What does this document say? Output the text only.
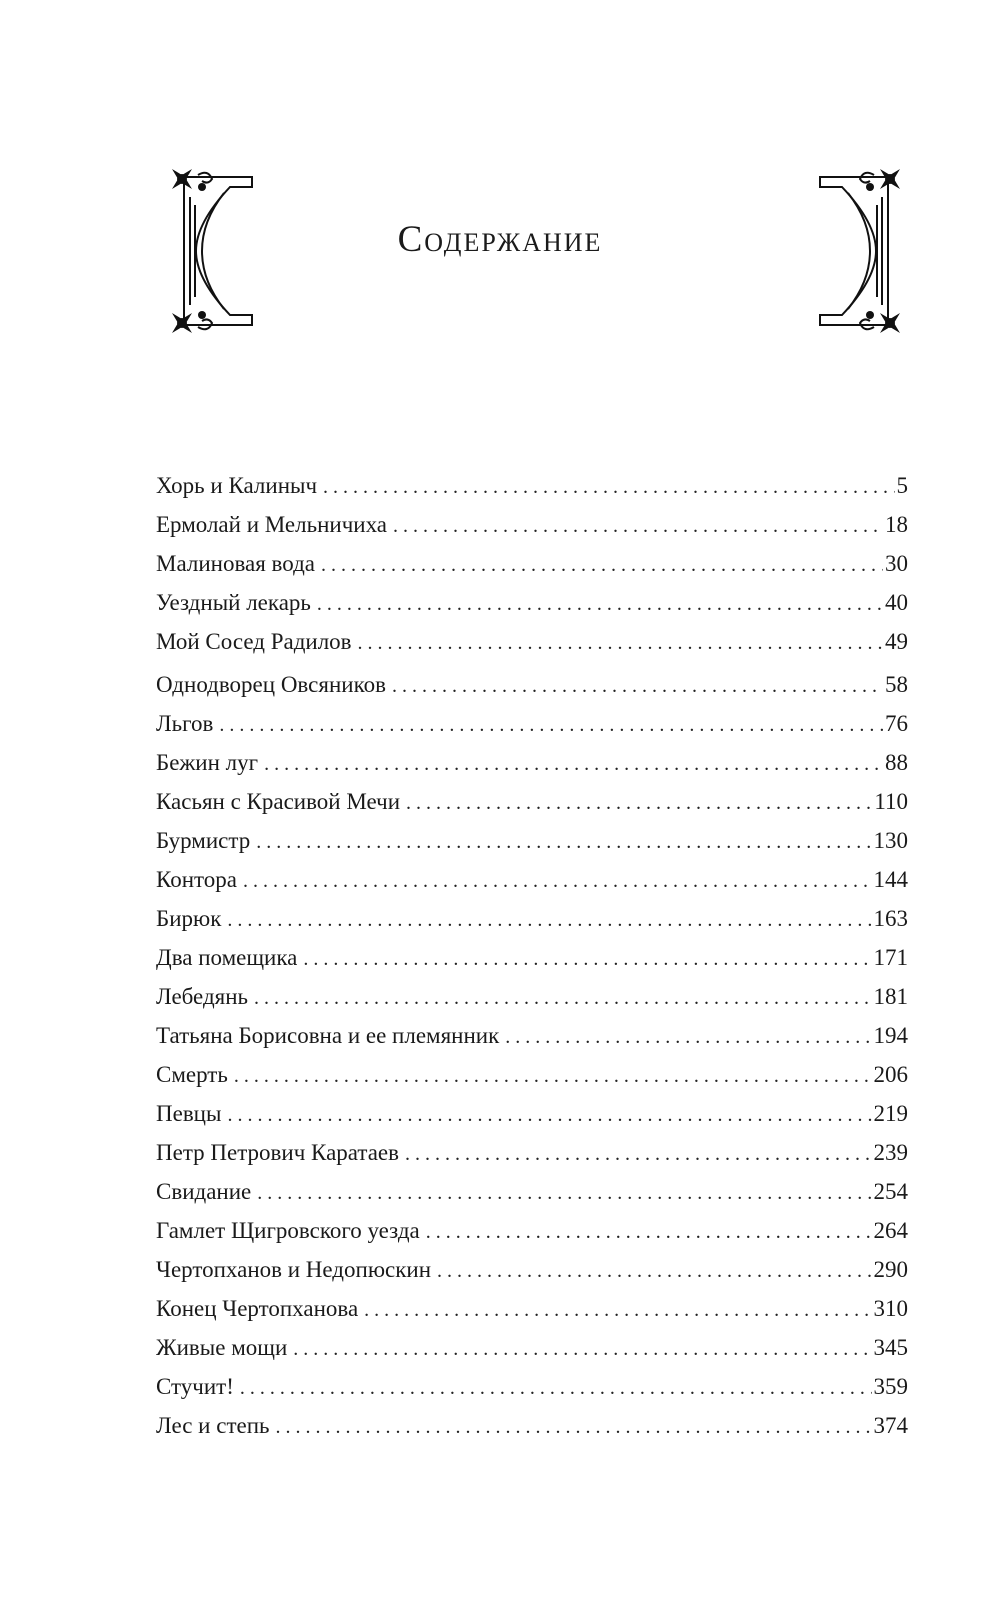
Содержание
Хорь и Калиныч . . .	5
Ермолай и Мельничиха . . .	18
Малиновая вода . . .	30
Уездный лекарь . . .	40
Мой Сосед Радилов . . .	49
Однодворец Овсяников . . .	58
Льгов . . .	76
Бежин луг . . .	88
Касьян с Красивой Мечи . . .	110
Бурмистр . . .	130
Контора . . .	144
Бирюк . . .	163
Два помещика . . .	171
Лебедянь . . .	181
Татьяна Борисовна и ее племянник . . .	194
Смерть . . .	206
Певцы . . .	219
Петр Петрович Каратаев . . .	239
Свидание . . .	254
Гамлет Щигровского уезда . . .	264
Чертопханов и Недопюскин . . .	290
Конец Чертопханова . . .	310
Живые мощи . . .	345
Стучит! . . .	359
Лес и степь . . .	374
